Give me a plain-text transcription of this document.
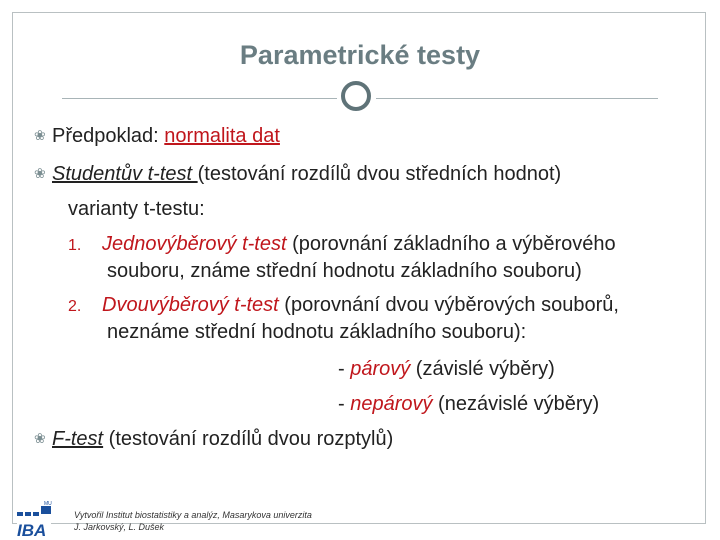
Parametrické testy
❀ Předpoklad: normalita dat
❀ Studentův t-test (testování rozdílů dvou středních hodnot)
varianty t-testu:
1. Jednovýběrový t-test (porovnání základního a výběrového
souboru, známe střední hodnotu základního souboru)
2. Dvouvýběrový t-test (porovnání dvou výběrových souborů,
neznáme střední hodnotu základního souboru):
- párový (závislé výběry)
- nepárový (nezávislé výběry)
❀ F-test (testování rozdílů dvou rozptylů)
IBA
MU
Vytvořil Institut biostatistiky a analýz, Masarykova univerzita
J. Jarkovský, L. Dušek
